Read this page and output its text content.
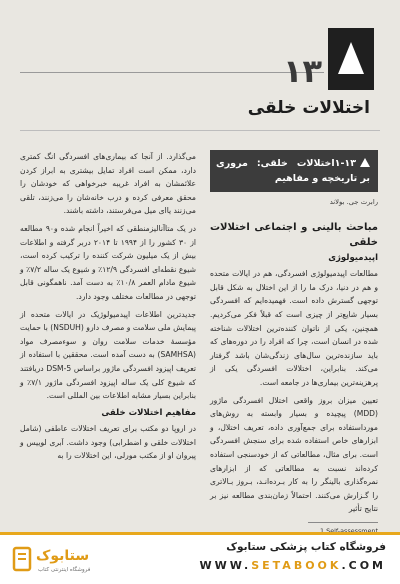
۱۳
اختلالات خلقی
۱-۱۳اختلالات خلقی: مروری بر تاریخچه و مفاهیم
رابرت جی. بولاند
مباحث بالینی و اجتماعی اختلالات خلقی
اپیدمیولوژی

مطالعات اپیدمیولوژی افسردگی، هم در ایالات متحده و هم در دنیا، درک ما را از این اختلال به شکل قابل توجهی گسترش داده است. فهمیده‌ایم که افسردگی بسیار شایع‌تر از چیزی است که قبلاً فکر می‌کردیم. همچنین، یکی از ناتوان کننده‌ترین اختلالات شناخته شده در انسان است، چرا که افراد را در دوره‌های که باید سازنده‌ترین سال‌های زندگی‌شان باشد گرفتار می‌کند. بنابراین، اختلالات افسردگی یکی از پرهزینه‌ترین بیماری‌ها در جامعه است.

تعیین میزان بروز واقعی اختلال افسردگی ماژور (MDD) پیچیده و بسیار وابسته به روش‌های مورداستفاده برای جمع‌آوری داده، تعریف اختلال، و ابزارهای خاص استفاده شده برای سنجش افسردگی است. برای مثال، مطالعاتی که از خودسنجی استفاده کرده‌اند نسبت به مطالعاتی که از ابزارهای نمره‌گذاری بالینگر را به کار بـرده‌انـد، بـروز بـالاتری را گـزارش می‌کنند. احتمالاً زمان‌بندی مطالعه نیز بر نتایج تأثیر

1 Self-assessment

می‌گذارد. از آنجا که بیماری‌های افسردگی انگ کمتری دارد، ممکن است افراد تمایل بیشتری به ابراز کردن علائمشان به افراد غریبه خبرخواهی که خودشان را محقق معرفی کرده و درب خانه‌شان را می‌زنند، تلقی می‌زنند یا‌ای میل می‌فرستند، داشته باشند.

در یک متاآنالیزمنطقی که اخیراً انجام شده و۹۰ مطالعه از ۳۰ کشور را از ۱۹۹۴ تا ۲۰۱۴ دربر گرفته و اطلاعات بیش از یک میلیون شرکت کننده را ترکیب کرده است، شیوع نقطه‌ای افسردگی ۱۲/۹٪ و شیوع یک ساله ۷/۲٪ و شیوع مادام العمر ۱۰/۸٪ به دست آمد. ناهمگونی قابل توجهی در مطالعات مختلف وجود دارد.

جدیدترین اطلاعات اپیدمیولوژیک در ایالات متحده از پیمایش ملی سلامت و مصرف دارو (NSDUH) با حمایت مؤسسهٔ خدمات سلامت روان و سوءمصرف مواد (SAMHSA) به دست آمده است. محققین با استفاده از تعریف اپیزود افسردگی ماژور براساس DSM-5 دریافتند که شیوع کلی یک ساله اپیزود افسردگی ماژور ۷/۱٪ و بنابراین بسیار مشابه اطلاعات بین المللی است.

مفاهیم اختلالات خلقی

در اروپا دو مکتب برای تعریف اختلالات عاطفی (شامل اختلالات خلقی و اضطرابی) وجود داشت. اَبری لوییس و پیروان او از مکتب مورلی، این اختلالات را به

ستابوک
فروشگاه اینترنتی کتاب
فروشگاه کتاب پزشکی ستابوک
WWW.SETABOOK.COM
